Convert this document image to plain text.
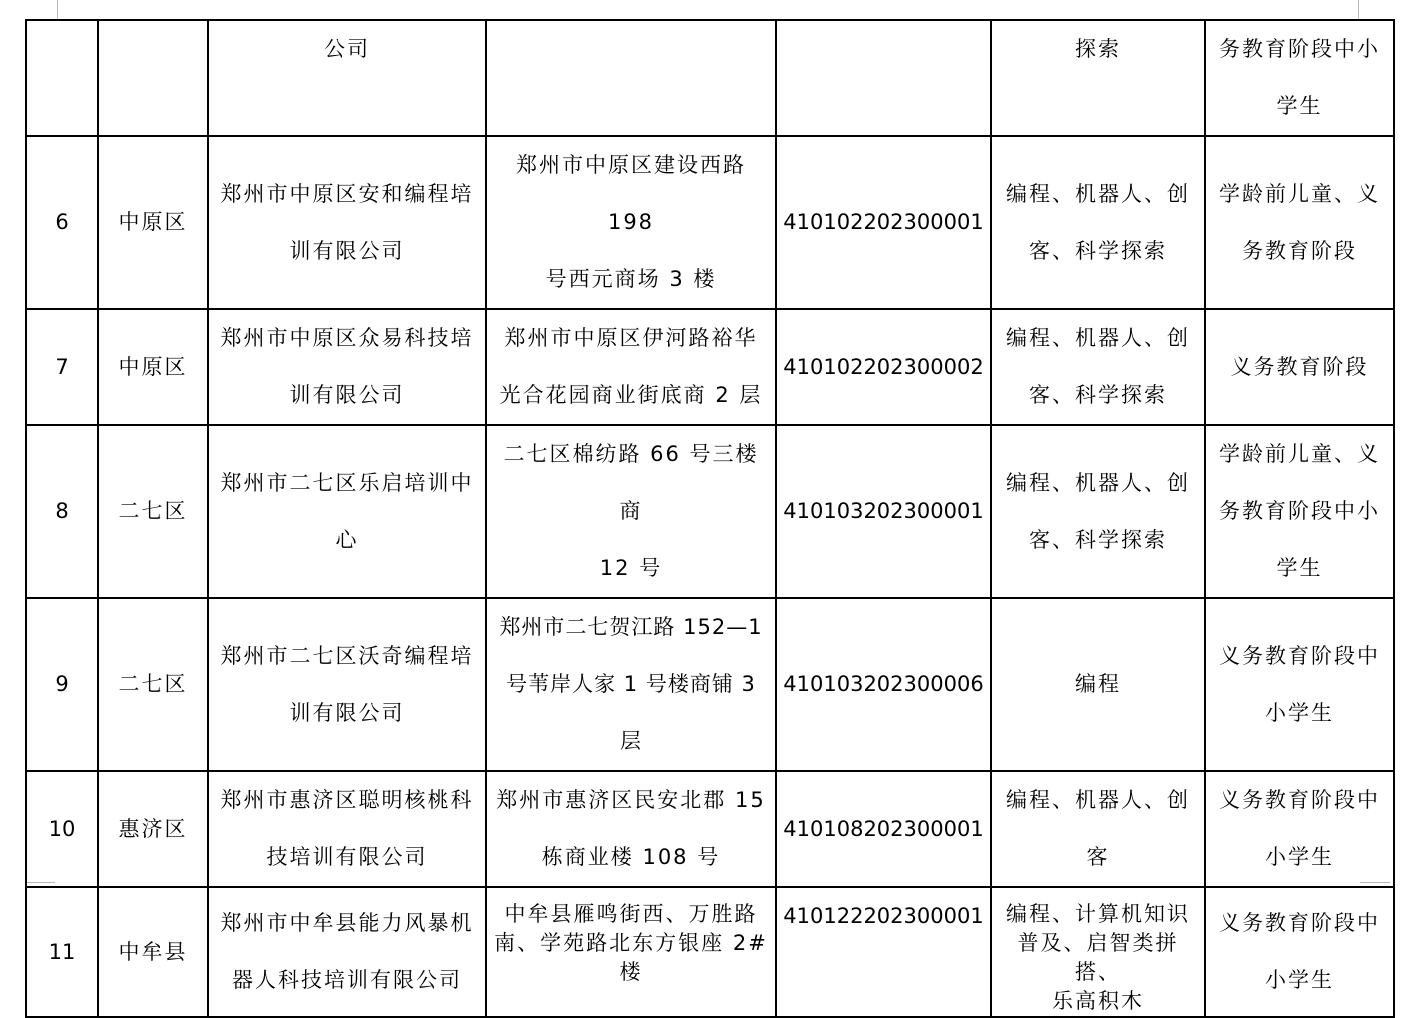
		公司			探索	务教育阶段中小
学生

6	中原区	郑州市中原区安和编程培
训有限公司	郑州市中原区建设西路198
号西元商场 3 楼	410102202300001	编程、机器人、创
客、科学探索	学龄前儿童、义
务教育阶段

7	中原区	郑州市中原区众易科技培
训有限公司	郑州市中原区伊河路裕华
光合花园商业街底商 2 层	410102202300002	编程、机器人、创
客、科学探索	义务教育阶段
8	二七区	郑州市二七区乐启培训中
心	二七区棉纺路 66 号三楼商
12 号	410103202300001	编程、机器人、创
客、科学探索	学龄前儿童、义
务教育阶段中小
学生

9	二七区	郑州市二七区沃奇编程培
训有限公司	郑州市二七贺江路 152—1
号苇岸人家 1 号楼商铺 3 层	410103202300006	编程	义务教育阶段中
小学生

10	惠济区	郑州市惠济区聪明核桃科
技培训有限公司	郑州市惠济区民安北郡 15
栋商业楼 108 号	410108202300001	编程、机器人、创
客	义务教育阶段中
小学生

11	中牟县	郑州市中牟县能力风暴机
器人科技培训有限公司	中牟县雁鸣街西、万胜路
南、学苑路北东方银座 2#
楼	410122202300001	编程、计算机知识
普及、启智类拼搭、
乐高积木	义务教育阶段中
小学生
